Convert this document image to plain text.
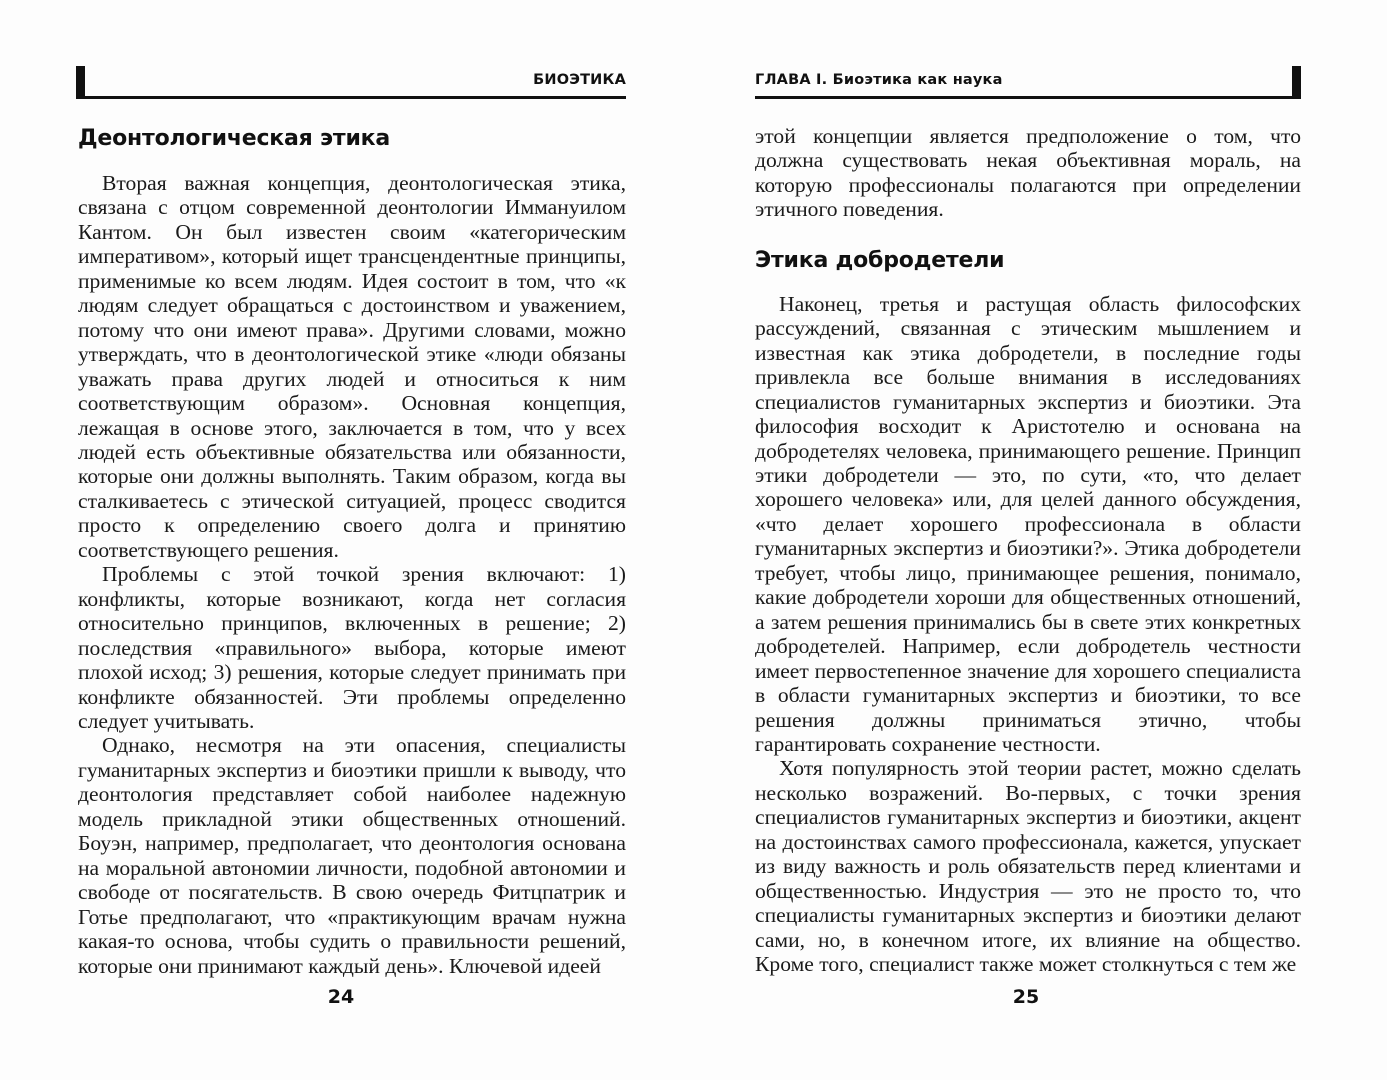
БИОЭТИКА
Деонтологическая этика

Вторая важная концепция, деонтологическая этика, связана с отцом современной деонтологии Иммануилом Кантом. Он был известен своим «категорическим императивом», который ищет трансцендентные принципы, применимые ко всем людям. Идея состоит в том, что «к людям следует обращаться с достоинством и уважением, потому что они имеют права». Другими словами, можно утверждать, что в деонтологической этике «люди обязаны уважать права других людей и относиться к ним соответствующим образом». Основная концепция, лежащая в основе этого, заключается в том, что у всех людей есть объективные обязательства или обязанности, которые они должны выполнять. Таким образом, когда вы сталкиваетесь с этической ситуацией, процесс сводится просто к определению своего долга и принятию соответствующего решения.

Проблемы с этой точкой зрения включают: 1) конфликты, которые возникают, когда нет согласия относительно принципов, включенных в решение; 2) последствия «правильного» выбора, которые имеют плохой исход; 3) решения, которые следует принимать при конфликте обязанностей. Эти проблемы определенно следует учитывать.

Однако, несмотря на эти опасения, специалисты гуманитарных экспертиз и биоэтики пришли к выводу, что деонтология представляет собой наиболее надежную модель прикладной этики общественных отношений. Боуэн, например, предполагает, что деонтология основана на моральной автономии личности, подобной автономии и свободе от посягательств. В свою очередь Фитцпатрик и Готье предполагают, что «практикующим врачам нужна какая-то основа, чтобы судить о правильности решений, которые они принимают каждый день». Ключевой идеей

24
ГЛАВА I. Биоэтика как наука

этой концепции является предположение о том, что должна существовать некая объективная мораль, на которую профессионалы полагаются при определении этичного поведения.

Этика добродетели

Наконец, третья и растущая область философских рассуждений, связанная с этическим мышлением и известная как этика добродетели, в последние годы привлекла все больше внимания в исследованиях специалистов гуманитарных экспертиз и биоэтики. Эта философия восходит к Аристотелю и основана на добродетелях человека, принимающего решение. Принцип этики добродетели — это, по сути, «то, что делает хорошего человека» или, для целей данного обсуждения, «что делает хорошего профессионала в области гуманитарных экспертиз и биоэтики?». Этика добродетели требует, чтобы лицо, принимающее решения, понимало, какие добродетели хороши для общественных отношений, а затем решения принимались бы в свете этих конкретных добродетелей. Например, если добродетель честности имеет первостепенное значение для хорошего специалиста в области гуманитарных экспертиз и биоэтики, то все решения должны приниматься этично, чтобы гарантировать сохранение честности.

Хотя популярность этой теории растет, можно сделать несколько возражений. Во-первых, с точки зрения специалистов гуманитарных экспертиз и биоэтики, акцент на достоинствах самого профессионала, кажется, упускает из виду важность и роль обязательств перед клиентами и общественностью. Индустрия — это не просто то, что специалисты гуманитарных экспертиз и биоэтики делают сами, но, в конечном итоге, их влияние на общество. Кроме того, специалист также может столкнуться с тем же

25
